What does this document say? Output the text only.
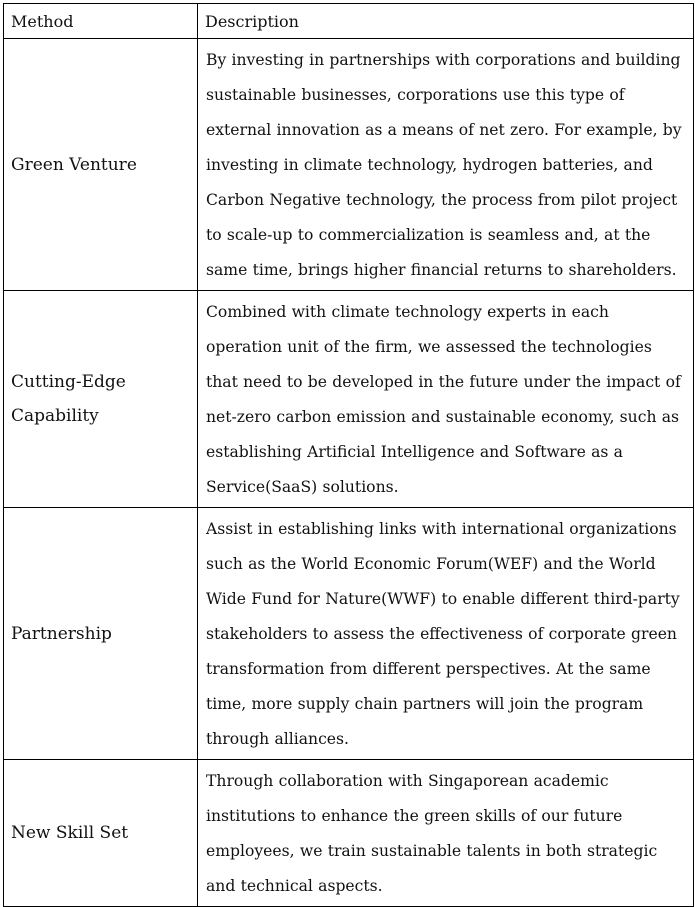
Method	Description
Green Venture	By investing in partnerships with corporations and building sustainable businesses, corporations use this type of external innovation as a means of net zero. For example, by investing in climate technology, hydrogen batteries, and Carbon Negative technology, the process from pilot project to scale-up to commercialization is seamless and, at the same time, brings higher financial returns to shareholders.
Cutting-Edge Capability	Combined with climate technology experts in each operation unit of the firm, we assessed the technologies that need to be developed in the future under the impact of net-zero carbon emission and sustainable economy, such as establishing Artificial Intelligence and Software as a Service(SaaS) solutions.
Partnership	Assist in establishing links with international organizations such as the World Economic Forum(WEF) and the World Wide Fund for Nature(WWF) to enable different third-party stakeholders to assess the effectiveness of corporate green transformation from different perspectives. At the same time, more supply chain partners will join the program through alliances.
New Skill Set	Through collaboration with Singaporean academic institutions to enhance the green skills of our future employees, we train sustainable talents in both strategic and technical aspects.
